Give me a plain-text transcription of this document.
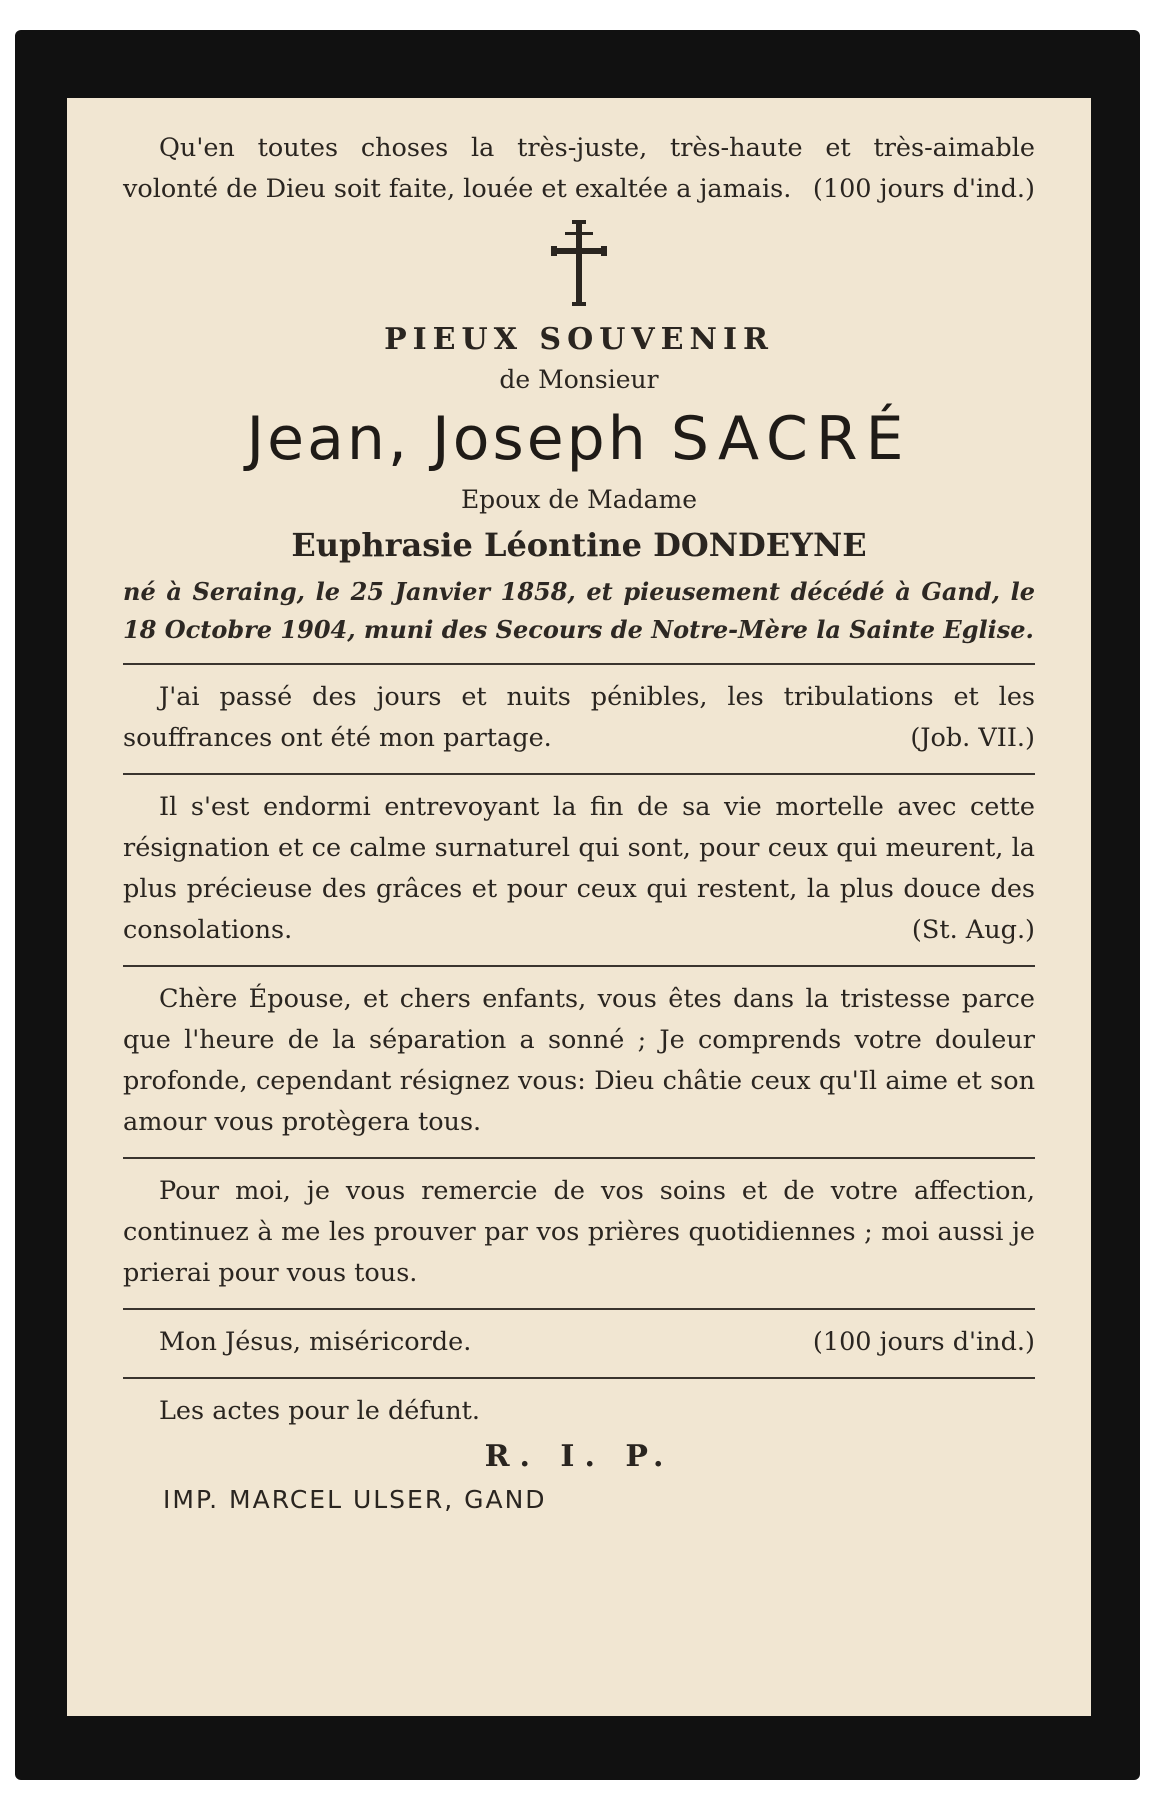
Qu'en toutes choses la très-juste, très-haute et très-aimable volonté de Dieu soit faite, louée et exaltée a jamais. (100 jours d'ind.)

PIEUX SOUVENIR

de Monsieur

Jean, Joseph SACRÉ

Epoux de Madame

Euphrasie Léontine DONDEYNE

né à Seraing, le 25 Janvier 1858, et pieusement décédé à Gand, le 18 Octobre 1904, muni des Secours de Notre-Mère la Sainte Eglise.

J'ai passé des jours et nuits pénibles, les tribulations et les souffrances ont été mon partage.	(Job. VII.)

Il s'est endormi entrevoyant la fin de sa vie mortelle avec cette résignation et ce calme surnaturel qui sont, pour ceux qui meurent, la plus précieuse des grâces et pour ceux qui restent, la plus douce des consolations.	(St. Aug.)

Chère Épouse, et chers enfants, vous êtes dans la tristesse parce que l'heure de la séparation a sonné ; Je comprends votre douleur profonde, cependant résignez vous: Dieu châtie ceux qu'Il aime et son amour vous protègera tous.

Pour moi, je vous remercie de vos soins et de votre affection, continuez à me les prouver par vos prières quotidiennes ; moi aussi je prierai pour vous tous.

Mon Jésus, miséricorde.	(100 jours d'ind.)

Les actes pour le défunt.

R. I. P.

IMP. MARCEL ULSER, GAND
